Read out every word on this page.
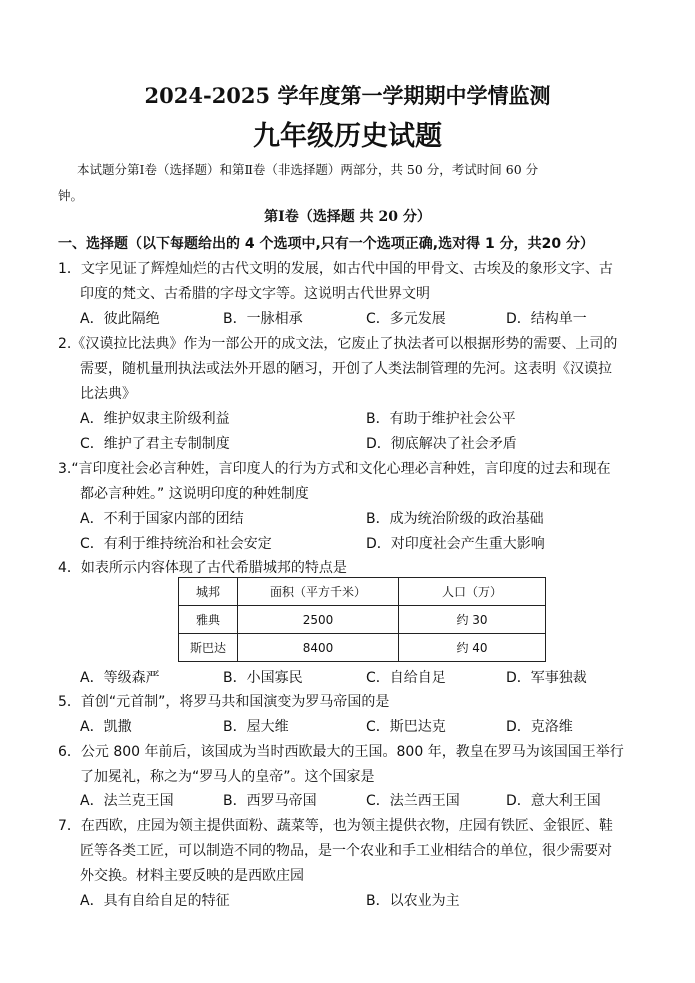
2024-2025 学年度第一学期期中学情监测
九年级历史试题
本试题分第Ⅰ卷（选择题）和第Ⅱ卷（非选择题）两部分，共 50 分，考试时间 60 分
钟。
第Ⅰ卷（选择题 共 20 分）
一、选择题（以下每题给出的 4 个选项中,只有一个选项正确,选对得 1 分，共20 分）
1．文字见证了辉煌灿烂的古代文明的发展，如古代中国的甲骨文、古埃及的象形文字、古
印度的梵文、古希腊的字母文字等。这说明古代世界文明
A．彼此隔绝	B．一脉相承	C．多元发展	D．结构单一
2.《汉谟拉比法典》作为一部公开的成文法，它废止了执法者可以根据形势的需要、上司的
需要，随机量刑执法或法外开恩的陋习，开创了人类法制管理的先河。这表明《汉谟拉
比法典》
A．维护奴隶主阶级利益	B．有助于维护社会公平
C．维护了君主专制制度	D．彻底解决了社会矛盾
3.“言印度社会必言种姓，言印度人的行为方式和文化心理必言种姓，言印度的过去和现在
都必言种姓。” 这说明印度的种姓制度
A．不利于国家内部的团结	B．成为统治阶级的政治基础
C．有利于维持统治和社会安定	D．对印度社会产生重大影响
4．如表所示内容体现了古代希腊城邦的特点是
城邦	面积（平方千米）	人口（万）
雅典	2500	约 30
斯巴达	8400	约 40
A．等级森严	B．小国寡民	C．自给自足	D．军事独裁
5．首创“元首制”，将罗马共和国演变为罗马帝国的是
A．凯撒	B．屋大维	C．斯巴达克	D．克洛维
6．公元 800 年前后，该国成为当时西欧最大的王国。800 年，教皇在罗马为该国国王举行
了加冕礼，称之为“罗马人的皇帝”。这个国家是
A．法兰克王国	B．西罗马帝国	C．法兰西王国	D．意大利王国
7．在西欧，庄园为领主提供面粉、蔬菜等，也为领主提供衣物，庄园有铁匠、金银匠、鞋
匠等各类工匠，可以制造不同的物品，是一个农业和手工业相结合的单位，很少需要对
外交换。材料主要反映的是西欧庄园
A．具有自给自足的特征	B．以农业为主
